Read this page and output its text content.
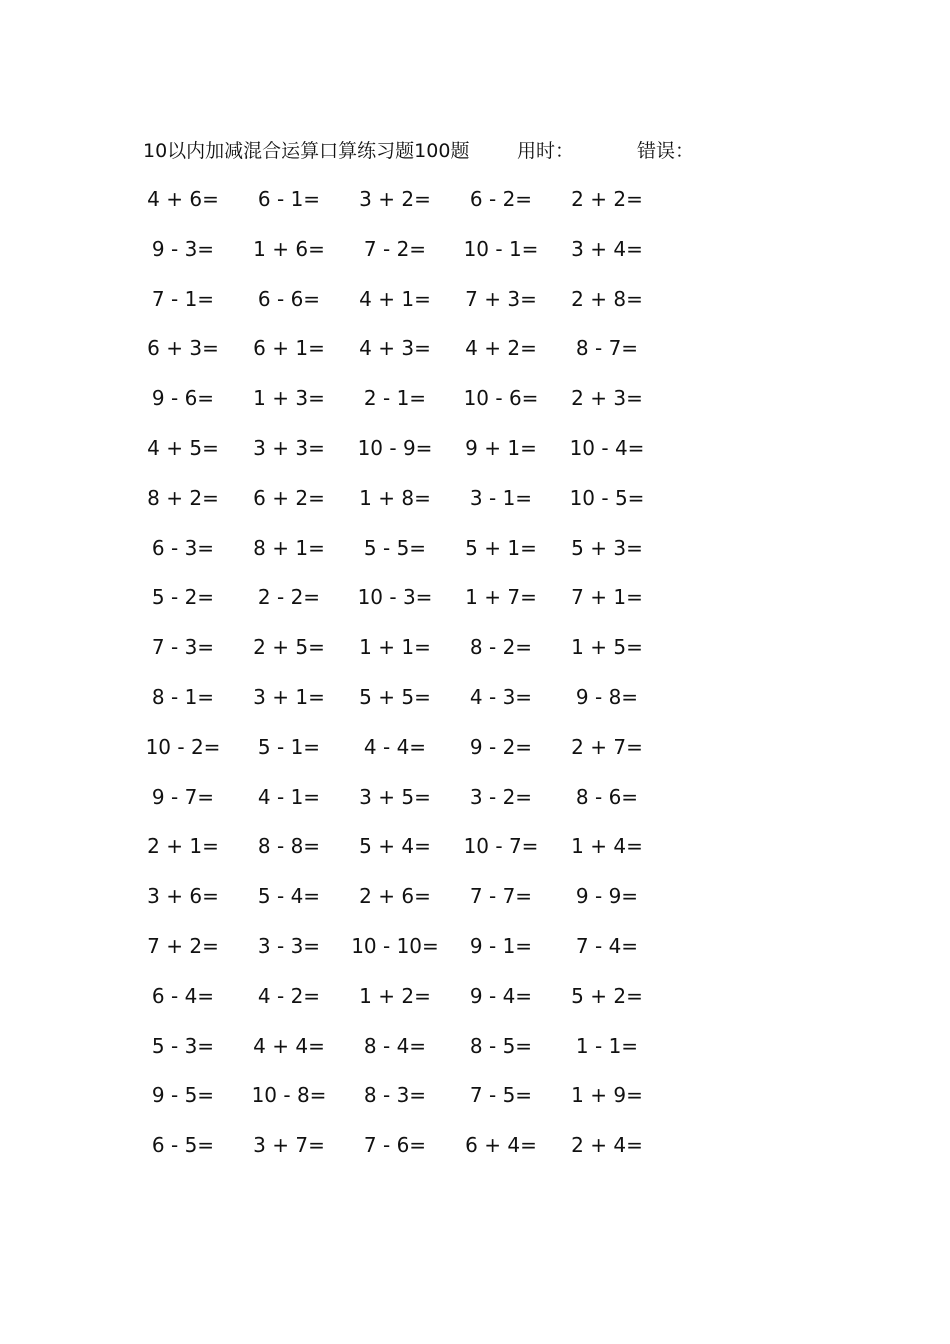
10以内加减混合运算口算练习题100题	用时：	错误：
4 + 6=	6 - 1=	3 + 2=	6 - 2=	2 + 2=
9 - 3=	1 + 6=	7 - 2=	10 - 1=	3 + 4=
7 - 1=	6 - 6=	4 + 1=	7 + 3=	2 + 8=
6 + 3=	6 + 1=	4 + 3=	4 + 2=	8 - 7=
9 - 6=	1 + 3=	2 - 1=	10 - 6=	2 + 3=
4 + 5=	3 + 3=	10 - 9=	9 + 1=	10 - 4=
8 + 2=	6 + 2=	1 + 8=	3 - 1=	10 - 5=
6 - 3=	8 + 1=	5 - 5=	5 + 1=	5 + 3=
5 - 2=	2 - 2=	10 - 3=	1 + 7=	7 + 1=
7 - 3=	2 + 5=	1 + 1=	8 - 2=	1 + 5=
8 - 1=	3 + 1=	5 + 5=	4 - 3=	9 - 8=
10 - 2=	5 - 1=	4 - 4=	9 - 2=	2 + 7=
9 - 7=	4 - 1=	3 + 5=	3 - 2=	8 - 6=
2 + 1=	8 - 8=	5 + 4=	10 - 7=	1 + 4=
3 + 6=	5 - 4=	2 + 6=	7 - 7=	9 - 9=
7 + 2=	3 - 3=	10 - 10=	9 - 1=	7 - 4=
6 - 4=	4 - 2=	1 + 2=	9 - 4=	5 + 2=
5 - 3=	4 + 4=	8 - 4=	8 - 5=	1 - 1=
9 - 5=	10 - 8=	8 - 3=	7 - 5=	1 + 9=
6 - 5=	3 + 7=	7 - 6=	6 + 4=	2 + 4=
